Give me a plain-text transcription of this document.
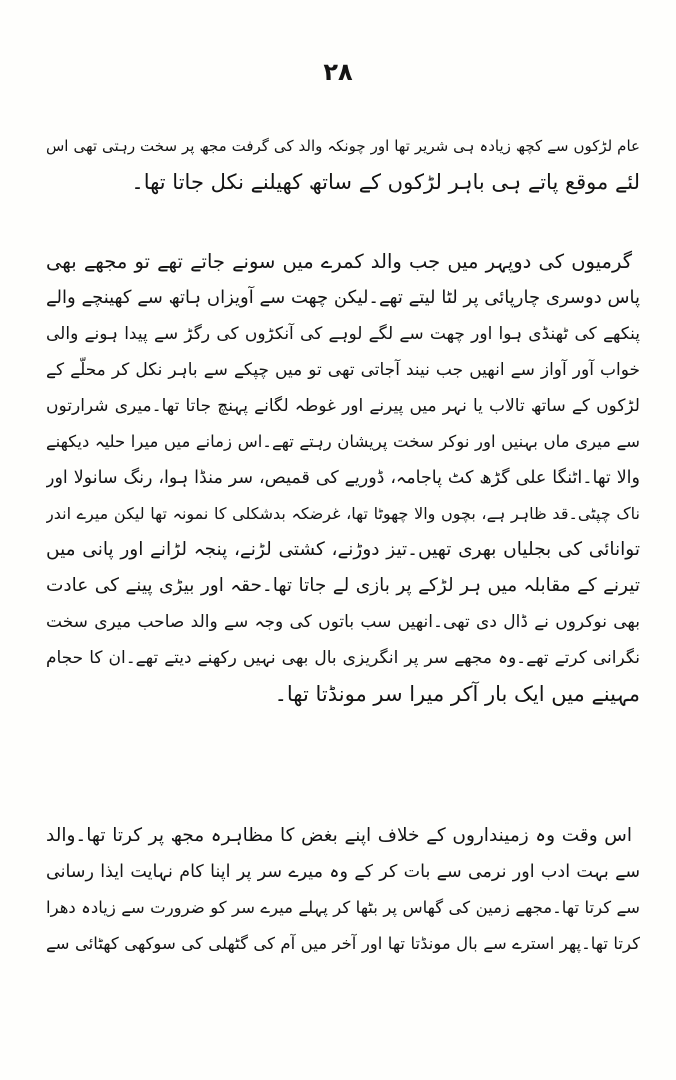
۲۸
عام لڑکوں سے کچھ زیادہ ہی شریر تھا اور چونکہ والد کی گرفت مجھ پر سخت رہتی تھی اس
لئے موقع پاتے ہی باہر لڑکوں کے ساتھ کھیلنے نکل جاتا تھا۔
گرمیوں کی دوپہر میں جب والد کمرے میں سونے جاتے تھے تو مجھے بھی
پاس دوسری چارپائی پر لٹا لیتے تھے۔لیکن چھت سے آویزاں ہاتھ سے کھینچے والے
پنکھے کی ٹھنڈی ہوا اور چھت سے لگے لوہے کی آنکڑوں کی رگڑ سے پیدا ہونے والی
خواب آور آواز سے انھیں جب نیند آجاتی تھی تو میں چپکے سے باہر نکل کر محلّے کے
لڑکوں کے ساتھ تالاب یا نہر میں پیرنے اور غوطہ لگانے پہنچ جاتا تھا۔میری شرارتوں
سے میری ماں بہنیں اور نوکر سخت پریشان رہتے تھے۔اس زمانے میں میرا حلیہ دیکھنے
والا تھا۔اٹنگا علی گڑھ کٹ پاجامہ، ڈوریے کی قمیص، سر منڈا ہوا، رنگ سانولا اور
ناک چپٹی۔قد ظاہر ہے، بچوں والا چھوٹا تھا، غرضکہ بدشکلی کا نمونہ تھا لیکن میرے اندر
توانائی کی بجلیاں بھری تھیں۔تیز دوڑنے، کشتی لڑنے، پنجہ لڑانے اور پانی میں
تیرنے کے مقابلہ میں ہر لڑکے پر بازی لے جاتا تھا۔حقہ اور بیڑی پینے کی عادت
بھی نوکروں نے ڈال دی تھی۔انھیں سب باتوں کی وجہ سے والد صاحب میری سخت
نگرانی کرتے تھے۔وہ مجھے سر پر انگریزی بال بھی نہیں رکھنے دیتے تھے۔ان کا حجام
مہینے میں ایک بار آکر میرا سر مونڈتا تھا۔
اس وقت وہ زمینداروں کے خلاف اپنے بغض کا مظاہرہ مجھ پر کرتا تھا۔والد
سے بہت ادب اور نرمی سے بات کر کے وہ میرے سر پر اپنا کام نہایت ایذا رسانی
سے کرتا تھا۔مجھے زمین کی گھاس پر بٹھا کر پہلے میرے سر کو ضرورت سے زیادہ دھرا
کرتا تھا۔پھر استرے سے بال مونڈتا تھا اور آخر میں آم کی گٹھلی کی سوکھی کھٹائی سے
